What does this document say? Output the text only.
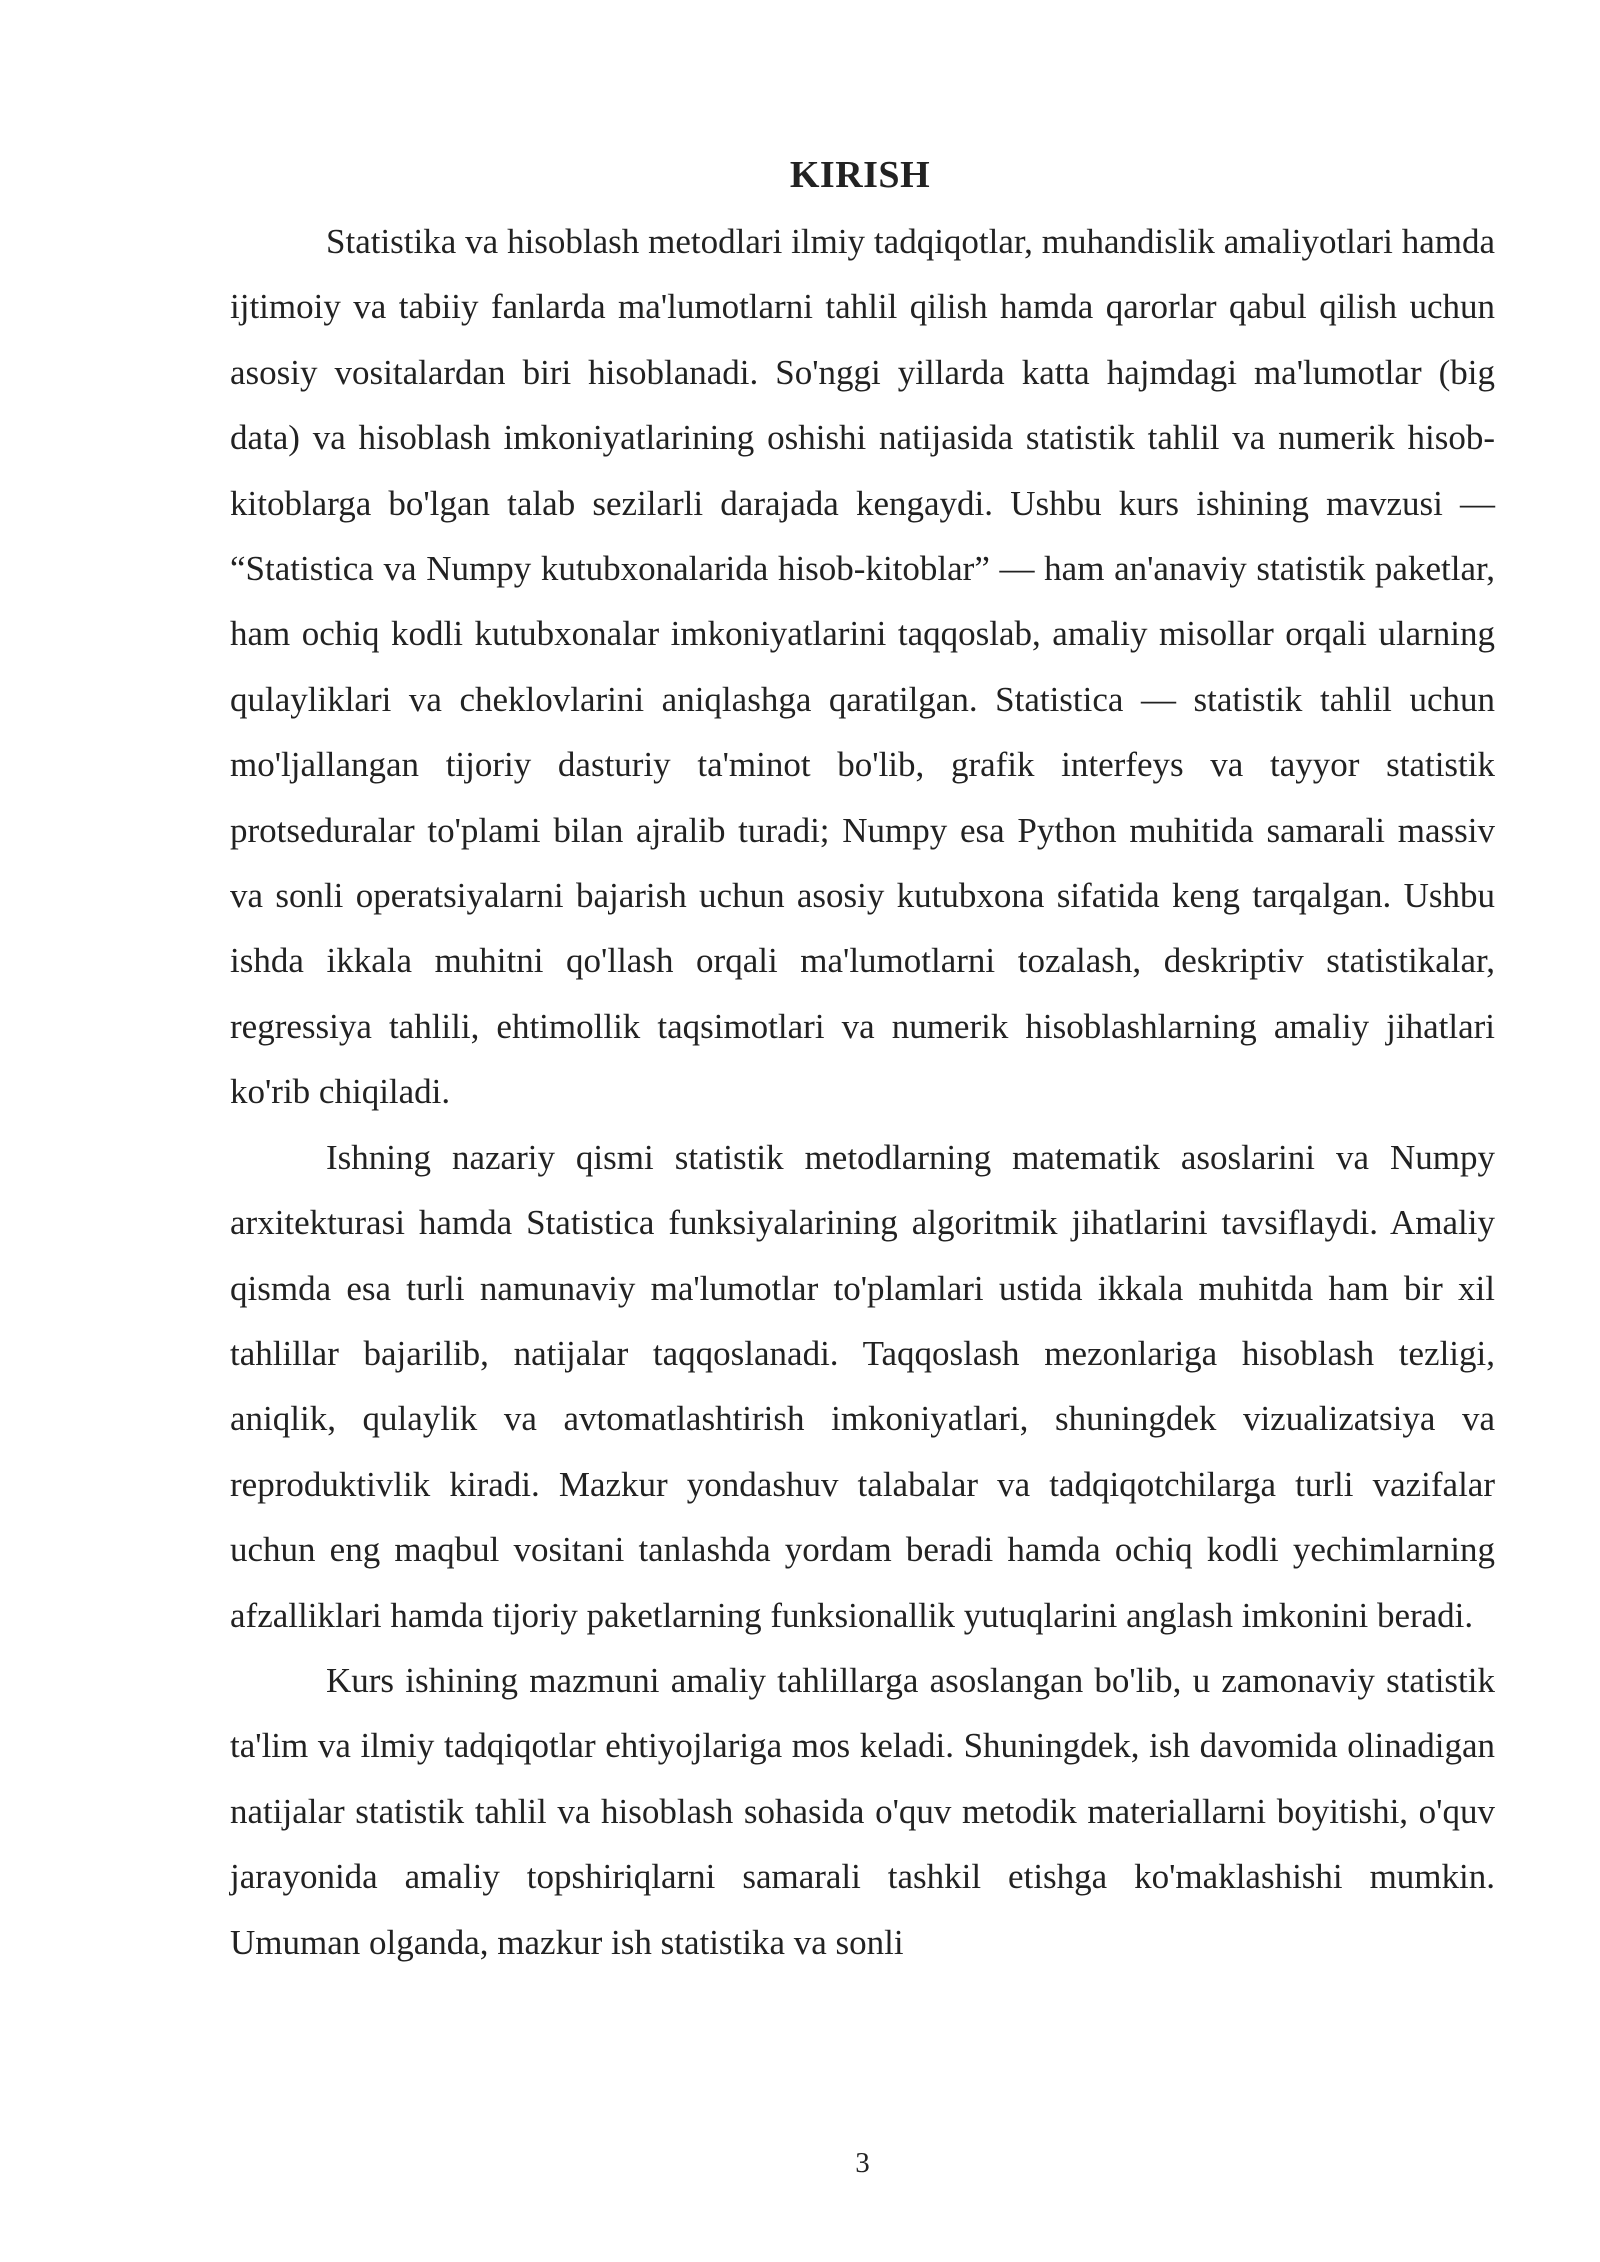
KIRISH

Statistika va hisoblash metodlari ilmiy tadqiqotlar, muhandislik amaliyotlari hamda ijtimoiy va tabiiy fanlarda ma'lumotlarni tahlil qilish hamda qarorlar qabul qilish uchun asosiy vositalardan biri hisoblanadi. So'nggi yillarda katta hajmdagi ma'lumotlar (big data) va hisoblash imkoniyatlarining oshishi natijasida statistik tahlil va numerik hisob-kitoblarga bo'lgan talab sezilarli darajada kengaydi. Ushbu kurs ishining mavzusi — “Statistica va Numpy kutubxonalarida hisob-kitoblar” — ham an'anaviy statistik paketlar, ham ochiq kodli kutubxonalar imkoniyatlarini taqqoslab, amaliy misollar orqali ularning qulayliklari va cheklovlarini aniqlashga qaratilgan. Statistica — statistik tahlil uchun mo'ljallangan tijoriy dasturiy ta'minot bo'lib, grafik interfeys va tayyor statistik protseduralar to'plami bilan ajralib turadi; Numpy esa Python muhitida samarali massiv va sonli operatsiyalarni bajarish uchun asosiy kutubxona sifatida keng tarqalgan. Ushbu ishda ikkala muhitni qo'llash orqali ma'lumotlarni tozalash, deskriptiv statistikalar, regressiya tahlili, ehtimollik taqsimotlari va numerik hisoblashlarning amaliy jihatlari ko'rib chiqiladi.

Ishning nazariy qismi statistik metodlarning matematik asoslarini va Numpy arxitekturasi hamda Statistica funksiyalarining algoritmik jihatlarini tavsiflaydi. Amaliy qismda esa turli namunaviy ma'lumotlar to'plamlari ustida ikkala muhitda ham bir xil tahlillar bajarilib, natijalar taqqoslanadi. Taqqoslash mezonlariga hisoblash tezligi, aniqlik, qulaylik va avtomatlashtirish imkoniyatlari, shuningdek vizualizatsiya va reproduktivlik kiradi. Mazkur yondashuv talabalar va tadqiqotchilarga turli vazifalar uchun eng maqbul vositani tanlashda yordam beradi hamda ochiq kodli yechimlarning afzalliklari hamda tijoriy paketlarning funksionallik yutuqlarini anglash imkonini beradi.

Kurs ishining mazmuni amaliy tahlillarga asoslangan bo'lib, u zamonaviy statistik ta'lim va ilmiy tadqiqotlar ehtiyojlariga mos keladi. Shuningdek, ish davomida olinadigan natijalar statistik tahlil va hisoblash sohasida o'quv metodik materiallarni boyitishi, o'quv jarayonida amaliy topshiriqlarni samarali tashkil etishga ko'maklashishi mumkin. Umuman olganda, mazkur ish statistika va sonli

3
